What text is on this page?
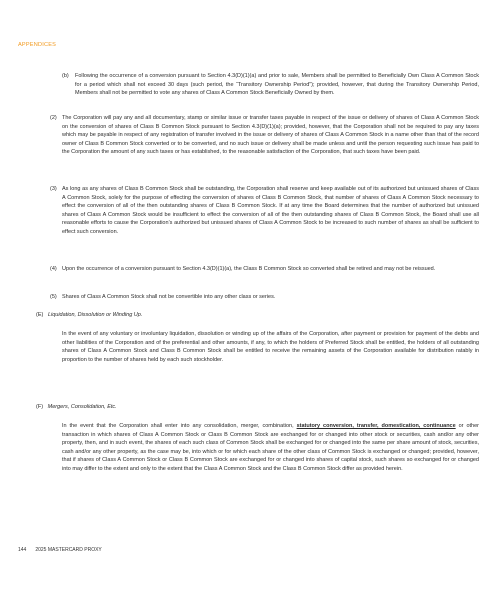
APPENDICES
(b) Following the occurrence of a conversion pursuant to Section 4.3(D)(1)(a) and prior to sale, Members shall be permitted to Beneficially Own Class A Common Stock for a period which shall not exceed 30 days (such period, the “Transitory Ownership Period”); provided, however, that during the Transitory Ownership Period, Members shall not be permitted to vote any shares of Class A Common Stock Beneficially Owned by them.

(2) The Corporation will pay any and all documentary, stamp or similar issue or transfer taxes payable in respect of the issue or delivery of shares of Class A Common Stock on the conversion of shares of Class B Common Stock pursuant to Section 4.3(D)(1)(a); provided, however, that the Corporation shall not be required to pay any taxes which may be payable in respect of any registration of transfer involved in the issue or delivery of shares of Class A Common Stock in a name other than that of the record owner of Class B Common Stock converted or to be converted, and no such issue or delivery shall be made unless and until the person requesting such issue has paid to the Corporation the amount of any such taxes or has established, to the reasonable satisfaction of the Corporation, that such taxes have been paid.

(3) As long as any shares of Class B Common Stock shall be outstanding, the Corporation shall reserve and keep available out of its authorized but unissued shares of Class A Common Stock, solely for the purpose of effecting the conversion of shares of Class B Common Stock, that number of shares of Class A Common Stock necessary to effect the conversion of all of the then outstanding shares of Class B Common Stock. If at any time the Board determines that the number of authorized but unissued shares of Class A Common Stock would be insufficient to effect the conversion of all of the then outstanding shares of Class B Common Stock, the Board shall use all reasonable efforts to cause the Corporation’s authorized but unissued shares of Class A Common Stock to be increased to such number of shares as shall be sufficient to effect such conversion.

(4) Upon the occurrence of a conversion pursuant to Section 4.3(D)(1)(a), the Class B Common Stock so converted shall be retired and may not be reissued.

(5) Shares of Class A Common Stock shall not be convertible into any other class or series.

(E) Liquidation, Dissolution or Winding Up.

In the event of any voluntary or involuntary liquidation, dissolution or winding up of the affairs of the Corporation, after payment or provision for payment of the debts and other liabilities of the Corporation and of the preferential and other amounts, if any, to which the holders of Preferred Stock shall be entitled, the holders of all outstanding shares of Class A Common Stock and Class B Common Stock shall be entitled to receive the remaining assets of the Corporation available for distribution ratably in proportion to the number of shares held by each such stockholder.

(F) Mergers, Consolidation, Etc.

In the event that the Corporation shall enter into any consolidation, merger, combination, statutory conversion, transfer, domestication, continuance or other transaction in which shares of Class A Common Stock or Class B Common Stock are exchanged for or changed into other stock or securities, cash and/or any other property, then, and in such event, the shares of each such class of Common Stock shall be exchanged for or changed into the same per share amount of stock, securities, cash and/or any other property, as the case may be, into which or for which each share of the other class of Common Stock is exchanged or changed; provided, however, that if shares of Class A Common Stock or Class B Common Stock are exchanged for or changed into shares of capital stock, such shares so exchanged for or changed into may differ to the extent and only to the extent that the Class A Common Stock and the Class B Common Stock differ as provided herein.

144 2025 MASTERCARD PROXY
